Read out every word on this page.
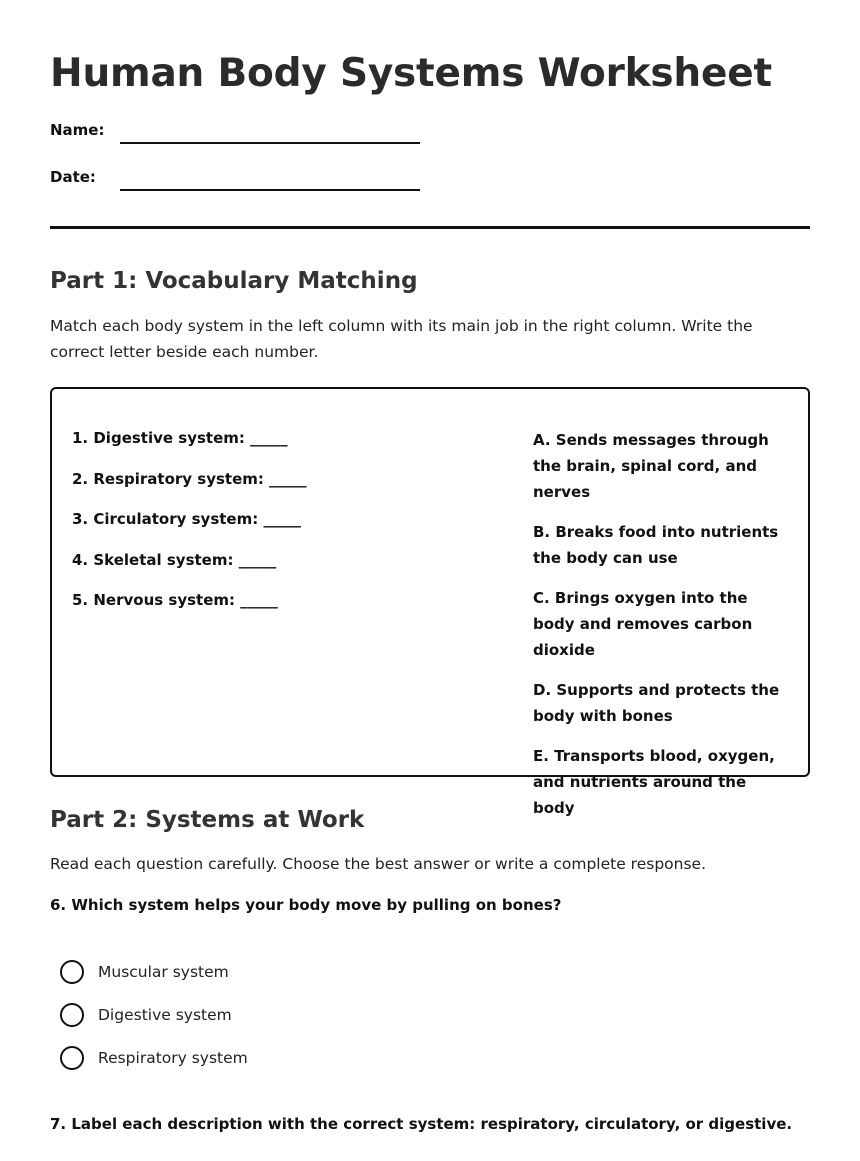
Human Body Systems Worksheet
Name:
Date:
Part 1: Vocabulary Matching
Match each body system in the left column with its main job in the right column. Write the correct letter beside each number.
1. Digestive system: _____
2. Respiratory system: _____
3. Circulatory system: _____
4. Skeletal system: _____
5. Nervous system: _____
A. Sends messages through the brain, spinal cord, and nerves
B. Breaks food into nutrients the body can use
C. Brings oxygen into the body and removes carbon dioxide
D. Supports and protects the body with bones
E. Transports blood, oxygen, and nutrients around the body
Part 2: Systems at Work
Read each question carefully. Choose the best answer or write a complete response.
6. Which system helps your body move by pulling on bones?
Muscular system
Digestive system
Respiratory system
7. Label each description with the correct system: respiratory, circulatory, or digestive.
